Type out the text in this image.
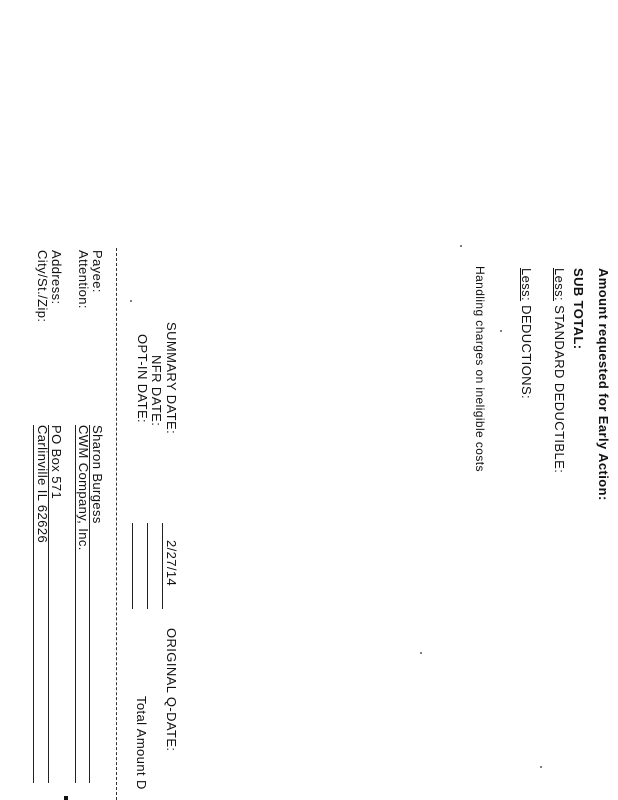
Amount requested for Early Action:
SUB TOTAL:
Less: STANDARD DEDUCTIBLE:
Less: DEDUCTIONS:
Handling charges on ineligible costs
SUMMARY DATE:
2/27/14
NFR DATE:
OPT-IN DATE:
ORIGINAL Q-DATE:
Total Amount D
Payee:
Sharon Burgess
Attention:
CWM Company, Inc.
Address:
PO Box 571
City/St./Zip:
Carlinville IL 62626
